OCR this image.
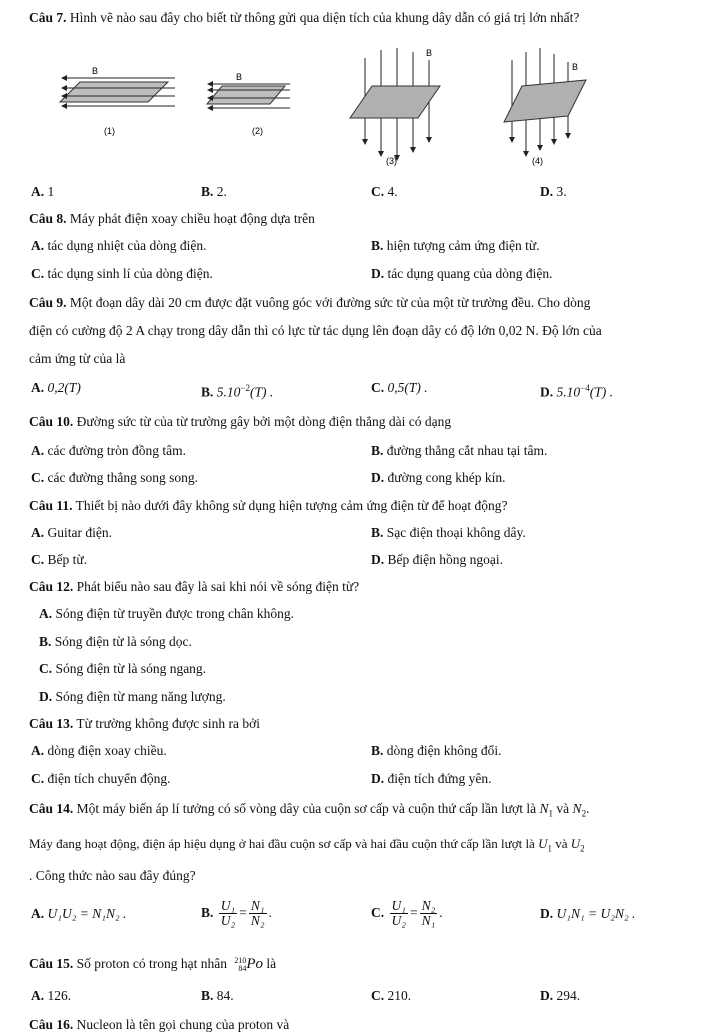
Câu 7. Hình vẽ nào sau đây cho biết từ thông gửi qua diện tích của khung dây dẫn có giá trị lớn nhất?
B
(1)
B
(2)
B
(3)
B
(4)
A. 1	B. 2.	C. 4.	D. 3.
Câu 8. Máy phát điện xoay chiều hoạt động dựa trên
A. tác dụng nhiệt của dòng điện.	B. hiện tượng cảm ứng điện từ.
C. tác dụng sinh lí của dòng điện.	D. tác dụng quang của dòng điện.
Câu 9. Một đoạn dây dài 20 cm được đặt vuông góc với đường sức từ của một từ trường đều. Cho dòng
điện có cường độ 2 A chạy trong dây dẫn thì có lực từ tác dụng lên đoạn dây có độ lớn 0,02 N. Độ lớn của
cảm ứng từ của là
A. 0,2(T)	B. $5.10^{-2}(T)$ .	C. 0,5(T) .	D. $5.10^{-4}(T)$ .
Câu 10. Đường sức từ của từ trường gây bởi một dòng điện thẳng dài có dạng
A. các đường tròn đồng tâm.	B. đường thẳng cắt nhau tại tâm.
C. các đường thẳng song song.	D. đường cong khép kín.
Câu 11. Thiết bị nào dưới đây không sử dụng hiện tượng cảm ứng điện từ để hoạt động?
A. Guitar điện.	B. Sạc điện thoại không dây.
C. Bếp từ.	D. Bếp điện hồng ngoại.
Câu 12. Phát biểu nào sau đây là sai khi nói về sóng điện từ?
A. Sóng điện từ truyền được trong chân không.
B. Sóng điện từ là sóng dọc.
C. Sóng điện từ là sóng ngang.
D. Sóng điện từ mang năng lượng.
Câu 13. Từ trường không được sinh ra bởi
A. dòng điện xoay chiều.	B. dòng điện không đổi.
C. điện tích chuyển động.	D. điện tích đứng yên.
Câu 14. Một máy biến áp lí tưởng có số vòng dây của cuộn sơ cấp và cuộn thứ cấp lần lượt là $N_1$ và $N_2$.
Máy đang hoạt động, điện áp hiệu dụng ở hai đầu cuộn sơ cấp và hai đầu cuộn thứ cấp lần lượt là $U_1$ và $U_2$
. Công thức nào sau đây đúng?
A. U₁U₂ = N₁N₂ .	B. $\frac{\text{U₁}}{\text{U₂}} = \frac{\text{N₁}}{\text{N₂}}$ .	C. $\frac{\text{U₁}}{\text{U₂}} = \frac{\text{N₂}}{\text{N₁}}$ .	D. U₁N₁ = U₂N₂ .
Câu 15. Số proton có trong hạt nhân 210
84 Po là
A. 126.	B. 84.	C. 210.	D. 294.
Câu 16. Nucleon là tên gọi chung của proton và
